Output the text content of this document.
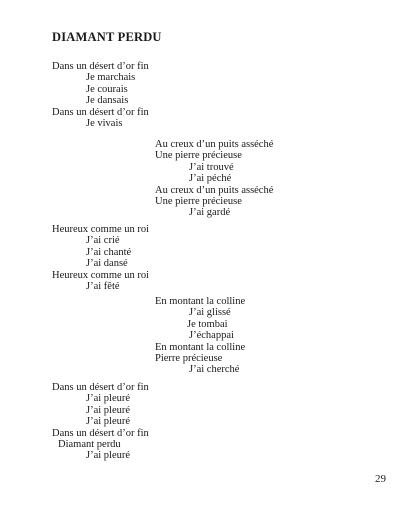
DIAMANT PERDU
Dans un désert d’or fin
Je marchais
Je courais
Je dansais
Dans un désert d’or fin
Je vivais
Au creux d’un puits asséché
Une pierre précieuse
J’ai trouvé
J’ai péché
Au creux d’un puits asséché
Une pierre précieuse
J’ai gardé
Heureux comme un roi
J’ai crié
J’ai chanté
J’ai dansé
Heureux comme un roi
J’ai fêté
En montant la colline
J’ai glissé
Je tombai
J’échappai
En montant la colline
Pierre précieuse
J’ai cherché
Dans un désert d’or fin
J’ai pleuré
J’ai pleuré
J’ai pleuré
Dans un désert d’or fin
Diamant perdu
J’ai pleuré
29
